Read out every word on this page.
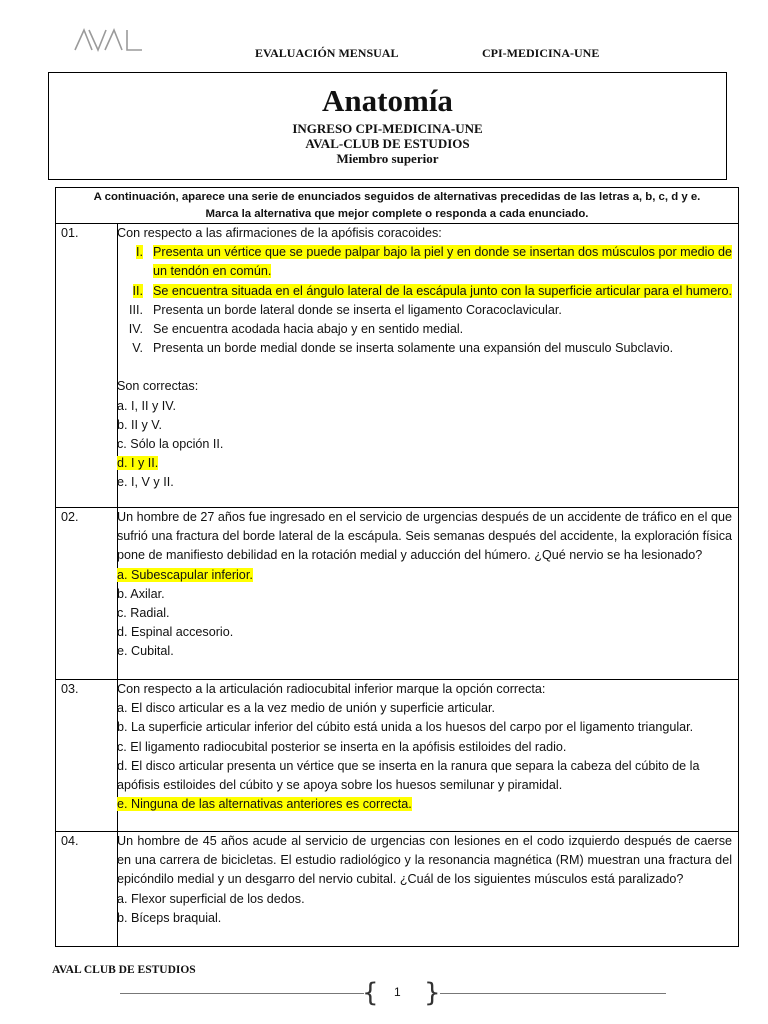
EVALUACIÓN MENSUAL	CPI-MEDICINA-UNE
Anatomía
INGRESO CPI-MEDICINA-UNE
AVAL-CLUB DE ESTUDIOS
Miembro superior
A continuación, aparece una serie de enunciados seguidos de alternativas precedidas de las letras a, b, c, d y e.
Marca la alternativa que mejor complete o responda a cada enunciado.
01.	Con respecto a las afirmaciones de la apófisis coracoides:
I. Presenta un vértice que se puede palpar bajo la piel y en donde se insertan dos músculos por medio de un tendón en común.
II. Se encuentra situada en el ángulo lateral de la escápula junto con la superficie articular para el humero.
III. Presenta un borde lateral donde se inserta el ligamento Coracoclavicular.
IV. Se encuentra acodada hacia abajo y en sentido medial.
V. Presenta un borde medial donde se inserta solamente una expansión del musculo Subclavio.
Son correctas:
a. I, II y IV.
b. II y V.
c. Sólo la opción II.
d. I y II.
e. I, V y II.
02.	Un hombre de 27 años fue ingresado en el servicio de urgencias después de un accidente de tráfico en el que sufrió una fractura del borde lateral de la escápula. Seis semanas después del accidente, la exploración física pone de manifiesto debilidad en la rotación medial y aducción del húmero. ¿Qué nervio se ha lesionado?
a. Subescapular inferior.
b. Axilar.
c. Radial.
d. Espinal accesorio.
e. Cubital.
03.	Con respecto a la articulación radiocubital inferior marque la opción correcta:
a. El disco articular es a la vez medio de unión y superficie articular.
b. La superficie articular inferior del cúbito está unida a los huesos del carpo por el ligamento triangular.
c. El ligamento radiocubital posterior se inserta en la apófisis estiloides del radio.
d. El disco articular presenta un vértice que se inserta en la ranura que separa la cabeza del cúbito de la apófisis estiloides del cúbito y se apoya sobre los huesos semilunar y piramidal.
e. Ninguna de las alternativas anteriores es correcta.
04.	Un hombre de 45 años acude al servicio de urgencias con lesiones en el codo izquierdo después de caerse en una carrera de bicicletas. El estudio radiológico y la resonancia magnética (RM) muestran una fractura del epicóndilo medial y un desgarro del nervio cubital. ¿Cuál de los siguientes músculos está paralizado?
a. Flexor superficial de los dedos.
b. Bíceps braquial.
AVAL CLUB DE ESTUDIOS
{ 1 }
